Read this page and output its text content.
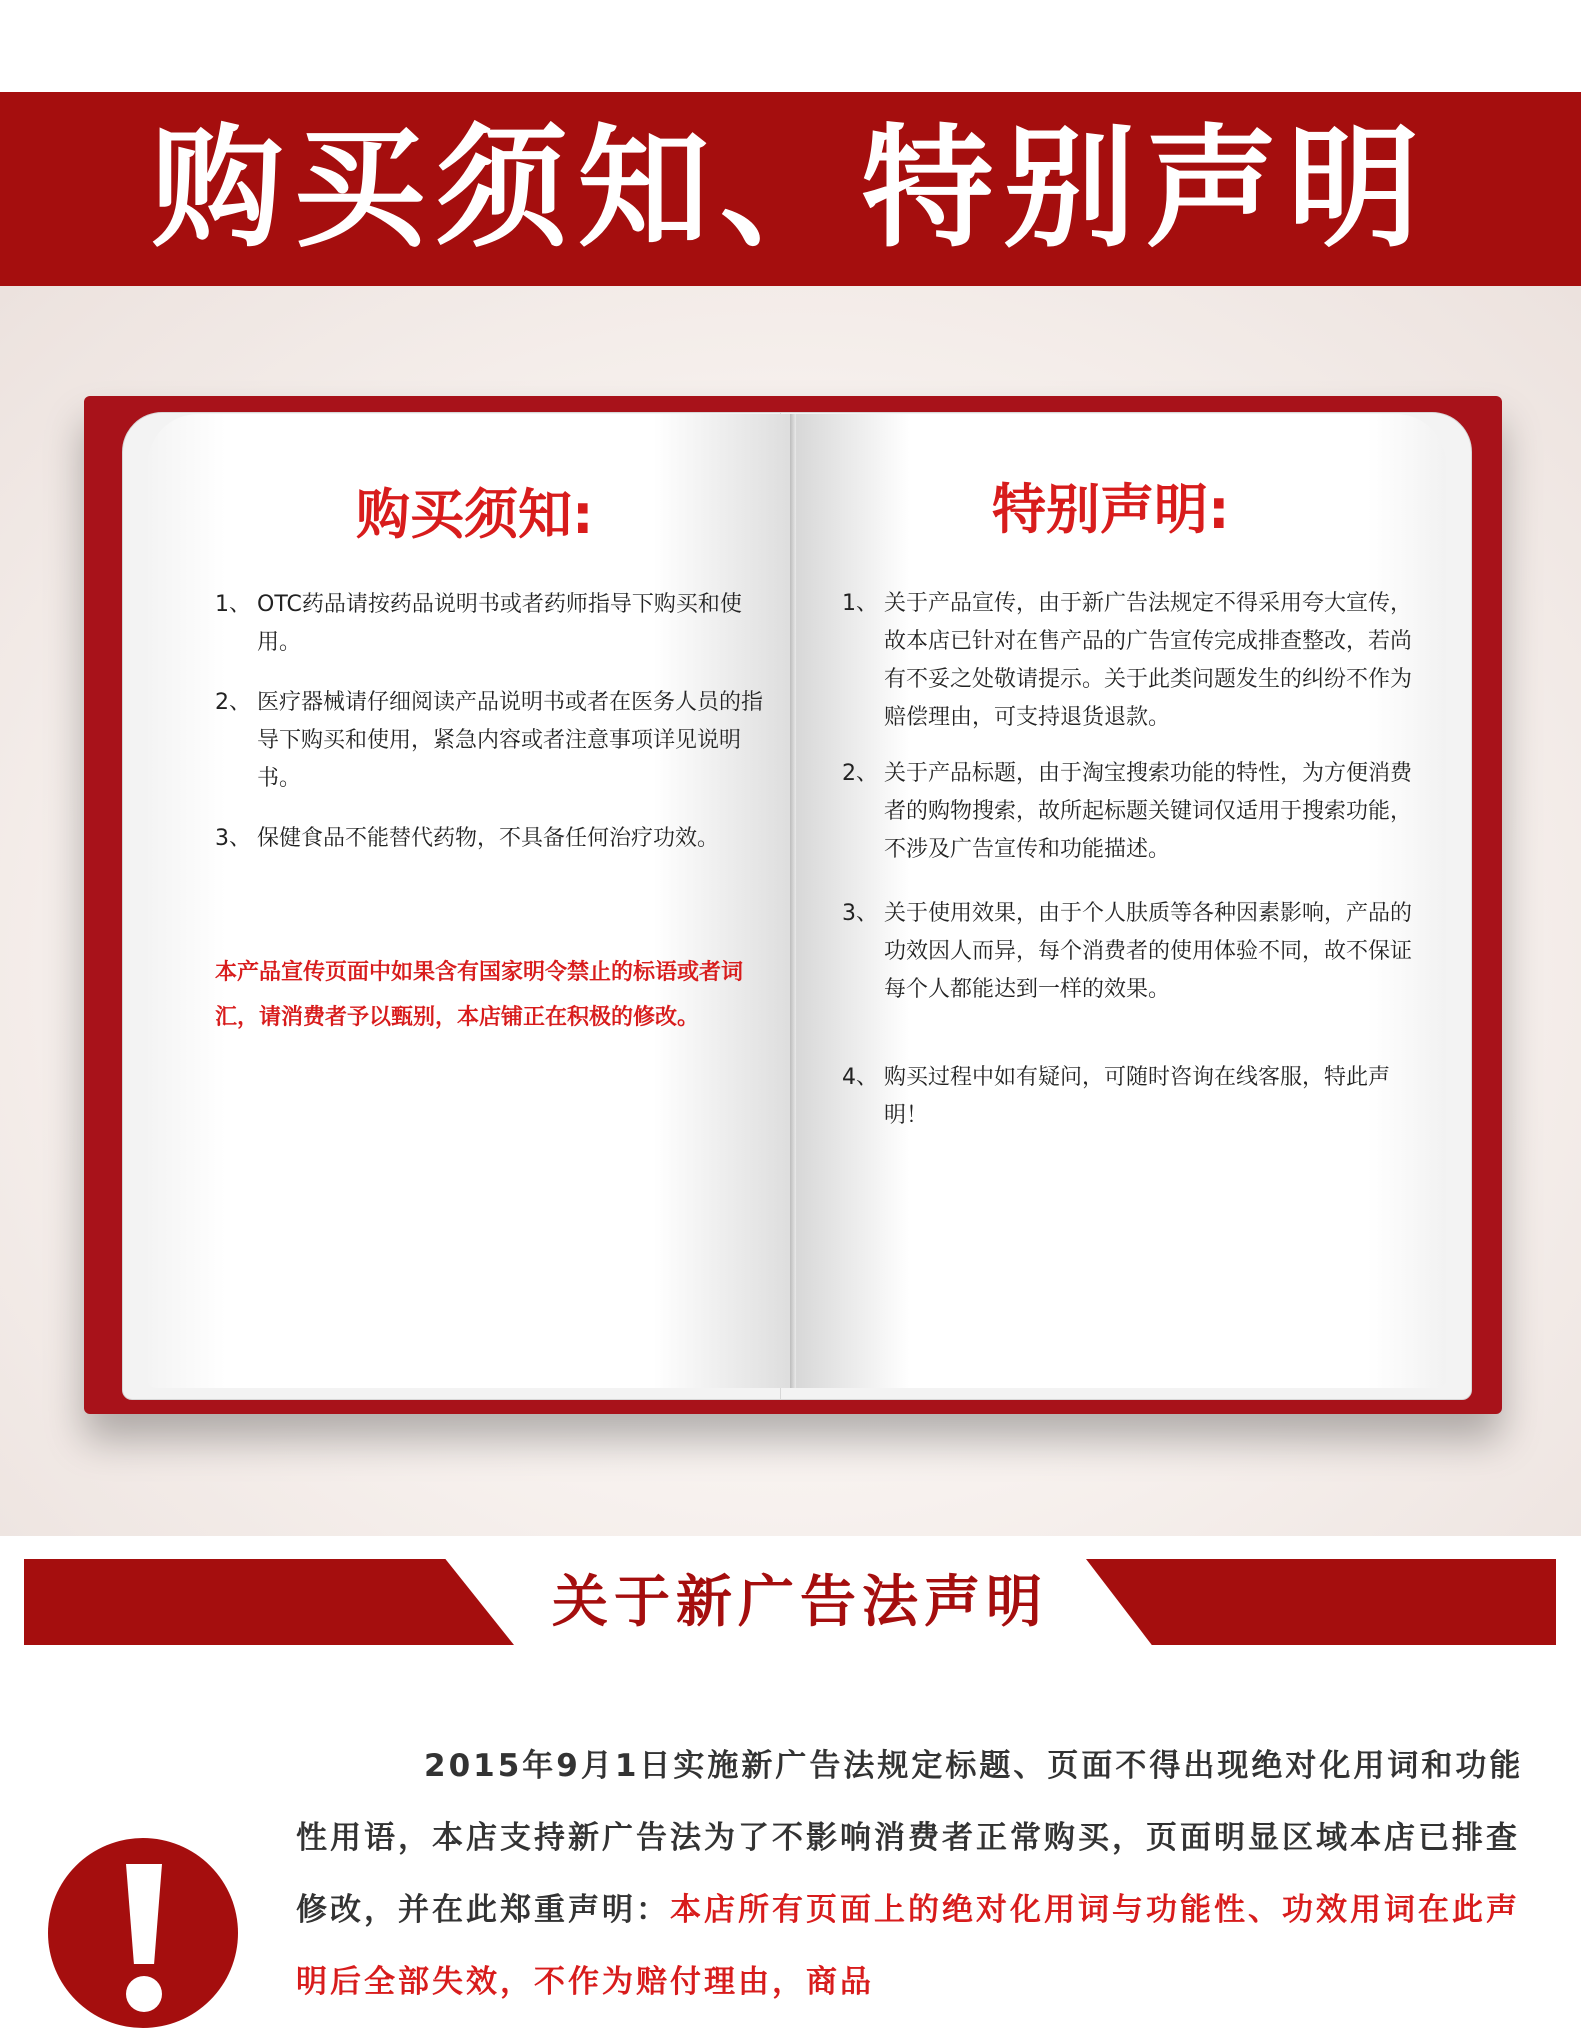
购买须知、特别声明
购买须知:
1、 OTC药品请按药品说明书或者药师指导下购买和使用。
2、 医疗器械请仔细阅读产品说明书或者在医务人员的指导下购买和使用，紧急内容或者注意事项详见说明书。
3、 保健食品不能替代药物，不具备任何治疗功效。
本产品宣传页面中如果含有国家明令禁止的标语或者词汇，请消费者予以甄别，本店铺正在积极的修改。
特别声明:
1、 关于产品宣传，由于新广告法规定不得采用夸大宣传，故本店已针对在售产品的广告宣传完成排查整改，若尚有不妥之处敬请提示。关于此类问题发生的纠纷不作为赔偿理由，可支持退货退款。
2、 关于产品标题，由于淘宝搜索功能的特性，为方便消费者的购物搜索，故所起标题关键词仅适用于搜索功能，不涉及广告宣传和功能描述。
3、 关于使用效果，由于个人肤质等各种因素影响，产品的功效因人而异，每个消费者的使用体验不同，故不保证每个人都能达到一样的效果。
4、 购买过程中如有疑问，可随时咨询在线客服，特此声明！
关于新广告法声明
2015年9月1日实施新广告法规定标题、页面不得出现绝对化用词和功能性用语，本店支持新广告法为了不影响消费者正常购买，页面明显区域本店已排查修改，并在此郑重声明：本店所有页面上的绝对化用词与功能性、功效用词在此声明后全部失效，不作为赔付理由，商品
